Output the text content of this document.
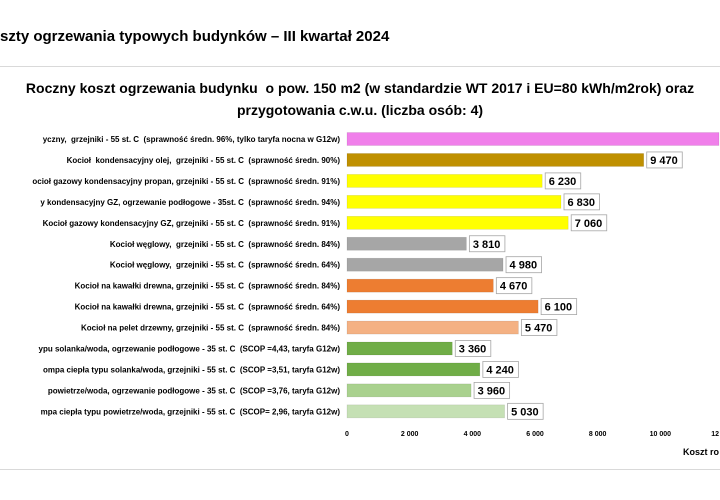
szty ogrzewania typowych budynków – III kwartał 2024
Roczny koszt ogrzewania budynku  o pow. 150 m2 (w standardzie WT 2017 i EU=80 kWh/m2rok) oraz
przygotowania c.w.u. (liczba osób: 4)
yczny,  grzejniki - 55 st. C  (sprawność średn. 96%, tylko taryfa nocna w G12w)
Kocioł  kondensacyjny olej,  grzejniki - 55 st. C  (sprawność średn. 90%)	9 470
ocioł gazowy kondensacyjny propan, grzejniki - 55 st. C  (sprawność średn. 91%)	6 230
y kondensacyjny GZ, ogrzewanie podłogowe - 35st. C  (sprawność średn. 94%)	6 830
Kocioł gazowy kondensacyjny GZ, grzejniki - 55 st. C  (sprawność średn. 91%)	7 060
Kocioł węglowy,  grzejniki - 55 st. C  (sprawność średn. 84%)	3 810
Kocioł węglowy,  grzejniki - 55 st. C  (sprawność średn. 64%)	4 980
Kocioł na kawałki drewna, grzejniki - 55 st. C  (sprawność średn. 84%)	4 670
Kocioł na kawałki drewna, grzejniki - 55 st. C  (sprawność średn. 64%)	6 100
Kocioł na pelet drzewny, grzejniki - 55 st. C  (sprawność średn. 84%)	5 470
ypu solanka/woda, ogrzewanie podłogowe - 35 st. C  (SCOP =4,43, taryfa G12w)	3 360
ompa ciepła typu solanka/woda, grzejniki - 55 st. C  (SCOP =3,51, taryfa G12w)	4 240
powietrze/woda, ogrzewanie podłogowe - 35 st. C  (SCOP =3,76, taryfa G12w)	3 960
mpa ciepła typu powietrze/woda, grzejniki - 55 st. C  (SCOP= 2,96, taryfa G12w)	5 030
0	2 000	4 000	6 000	8 000	10 000	12
Koszt ro
